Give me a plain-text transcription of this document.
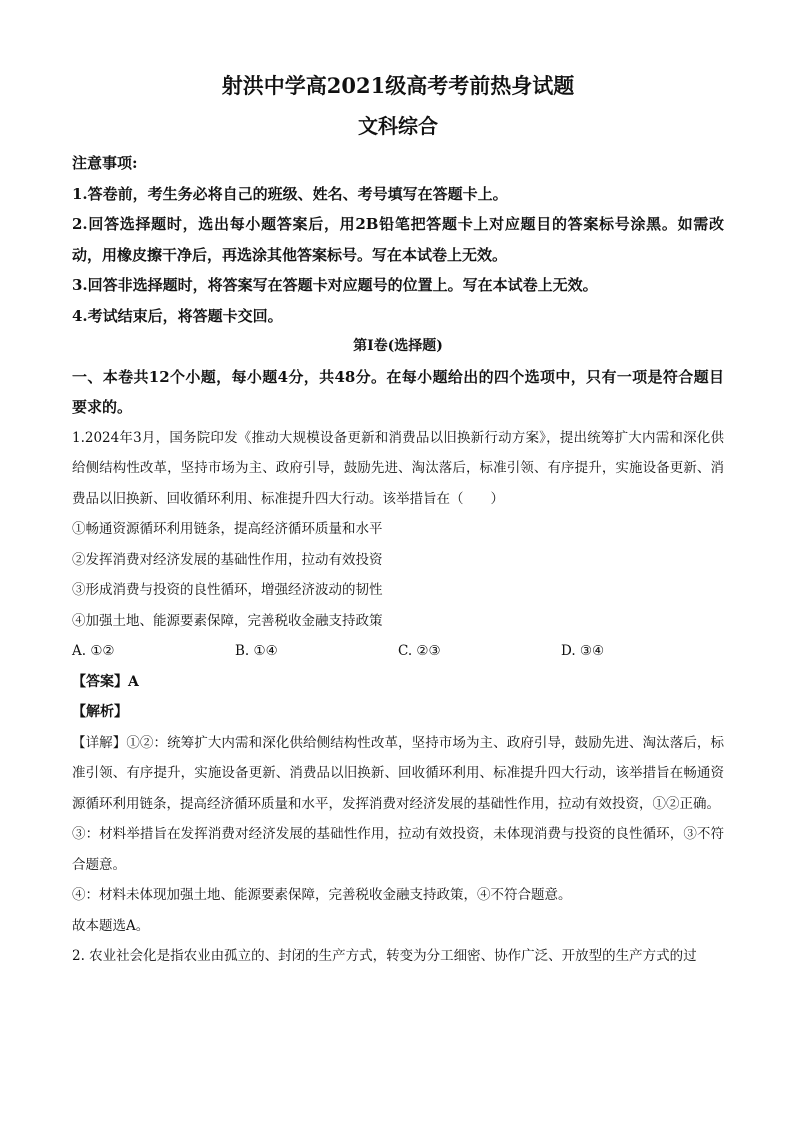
射洪中学高2021级高考考前热身试题

文科综合

注意事项:

1.答卷前，考生务必将自己的班级、姓名、考号填写在答题卡上。

2.回答选择题时，选出每小题答案后，用2B铅笔把答题卡上对应题目的答案标号涂黑。如需改动，用橡皮擦干净后，再选涂其他答案标号。写在本试卷上无效。

3.回答非选择题时，将答案写在答题卡对应题号的位置上。写在本试卷上无效。

4.考试结束后，将答题卡交回。

第I卷(选择题)

一、本卷共12个小题，每小题4分，共48分。在每小题给出的四个选项中，只有一项是符合题目要求的。

1.2024年3月，国务院印发《推动大规模设备更新和消费品以旧换新行动方案》，提出统筹扩大内需和深化供给侧结构性改革，坚持市场为主、政府引导，鼓励先进、淘汰落后，标准引领、有序提升，实施设备更新、消费品以旧换新、回收循环利用、标准提升四大行动。该举措旨在（　　）

①畅通资源循环利用链条，提高经济循环质量和水平

②发挥消费对经济发展的基础性作用，拉动有效投资

③形成消费与投资的良性循环，增强经济波动的韧性

④加强土地、能源要素保障，完善税收金融支持政策

A. ①②	B. ①④	C. ②③	D. ③④

【答案】A

【解析】

【详解】①②：统筹扩大内需和深化供给侧结构性改革，坚持市场为主、政府引导，鼓励先进、淘汰落后，标准引领、有序提升，实施设备更新、消费品以旧换新、回收循环利用、标准提升四大行动，该举措旨在畅通资源循环利用链条，提高经济循环质量和水平，发挥消费对经济发展的基础性作用，拉动有效投资，①②正确。

③：材料举措旨在发挥消费对经济发展的基础性作用，拉动有效投资，未体现消费与投资的良性循环，③不符合题意。

④：材料未体现加强土地、能源要素保障，完善税收金融支持政策，④不符合题意。

故本题选A。

2. 农业社会化是指农业由孤立的、封闭的生产方式，转变为分工细密、协作广泛、开放型的生产方式的过
